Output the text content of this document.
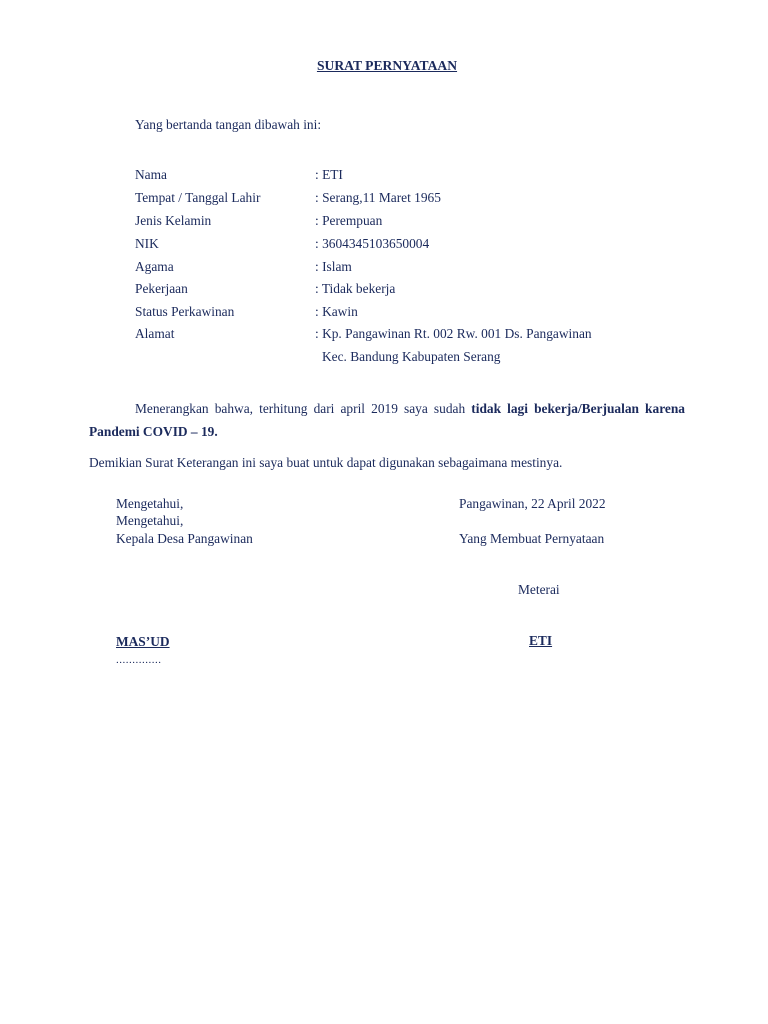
SURAT PERNYATAAN
Yang bertanda tangan dibawah ini:
Nama	: ETI
Tempat / Tanggal Lahir	: Serang,11 Maret 1965
Jenis Kelamin	: Perempuan
NIK	: 3604345103650004
Agama	: Islam
Pekerjaan	: Tidak bekerja
Status Perkawinan	: Kawin
Alamat	: Kp. Pangawinan Rt. 002 Rw. 001 Ds. Pangawinan
Kec. Bandung Kabupaten Serang
Menerangkan bahwa, terhitung dari april 2019 saya sudah tidak lagi bekerja/Berjualan karena Pandemi COVID – 19.
Demikian Surat Keterangan ini saya buat untuk dapat digunakan sebagaimana mestinya.
Mengetahui,
Mengetahui,
Kepala Desa Pangawinan
Pangawinan, 22 April 2022
Yang Membuat Pernyataan
Meterai
MAS’UD
..............
ETI
